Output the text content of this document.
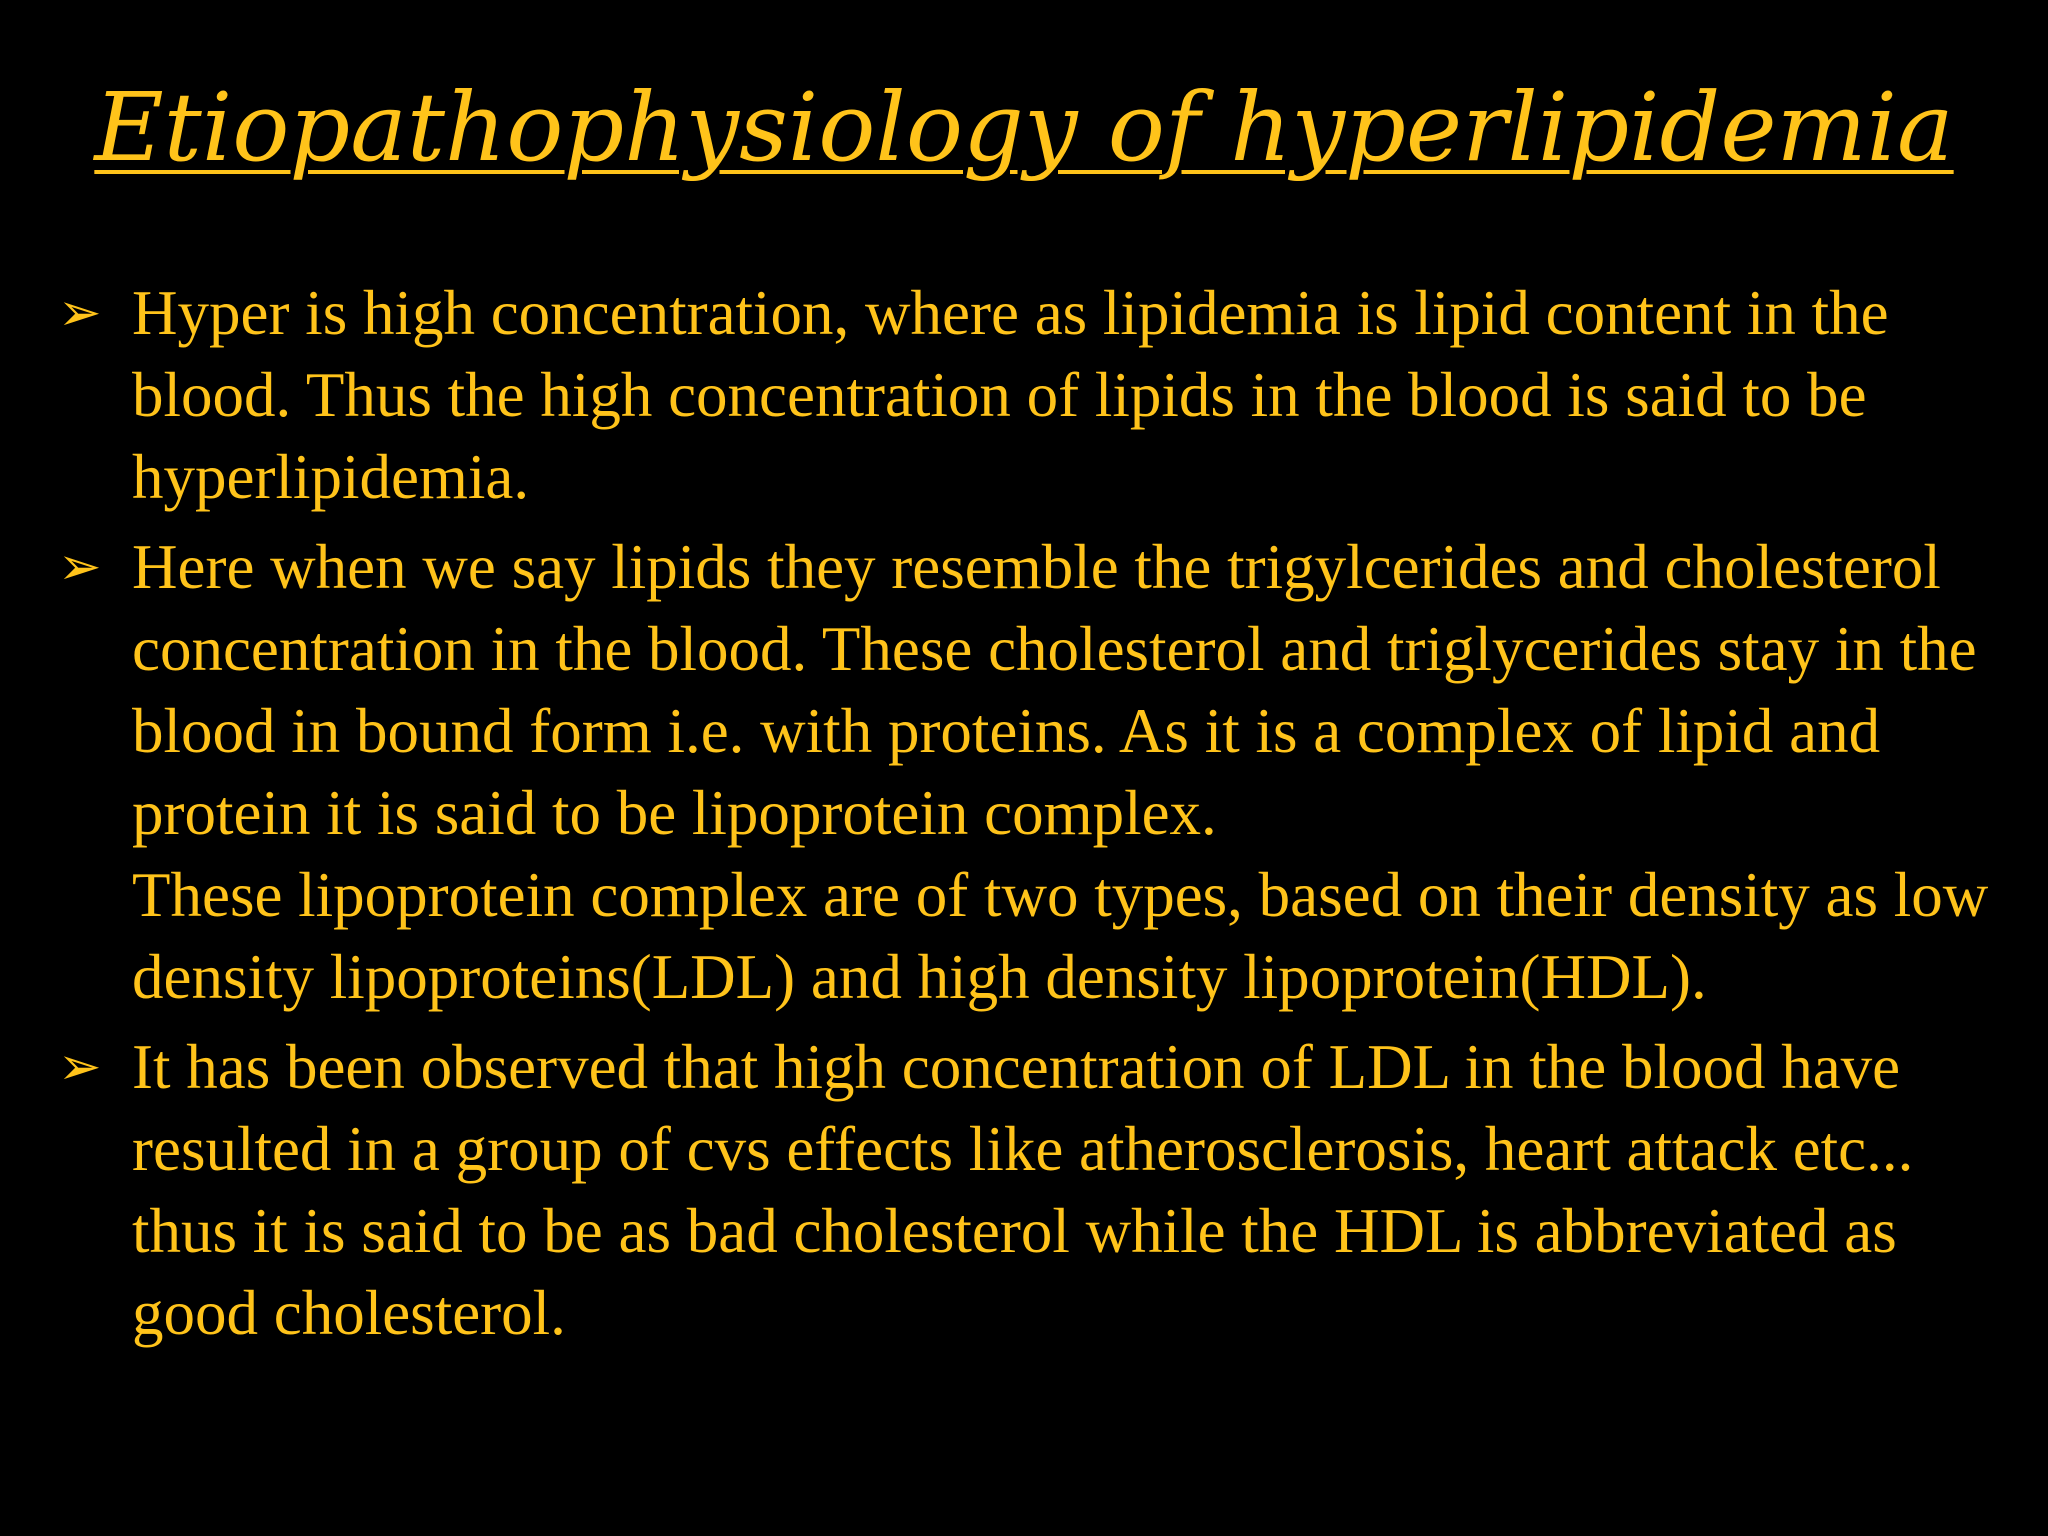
Etiopathophysiology of hyperlipidemia
➢ Hyper is high concentration, where as lipidemia is lipid content in the blood. Thus the high concentration of lipids in the blood is said to be hyperlipidemia.
➢ Here when we say lipids they resemble the trigylcerides and cholesterol concentration in the blood. These cholesterol and triglycerides stay in the blood in bound form i.e. with proteins. As it is a complex of lipid and protein it is said to be lipoprotein complex.
These lipoprotein complex are of two types, based on their density as low density lipoproteins(LDL) and high density lipoprotein(HDL).
➢ It has been observed that high concentration of LDL in the blood have resulted in a group of cvs effects like atherosclerosis, heart attack etc... thus it is said to be as bad cholesterol while the HDL is abbreviated as good cholesterol.
